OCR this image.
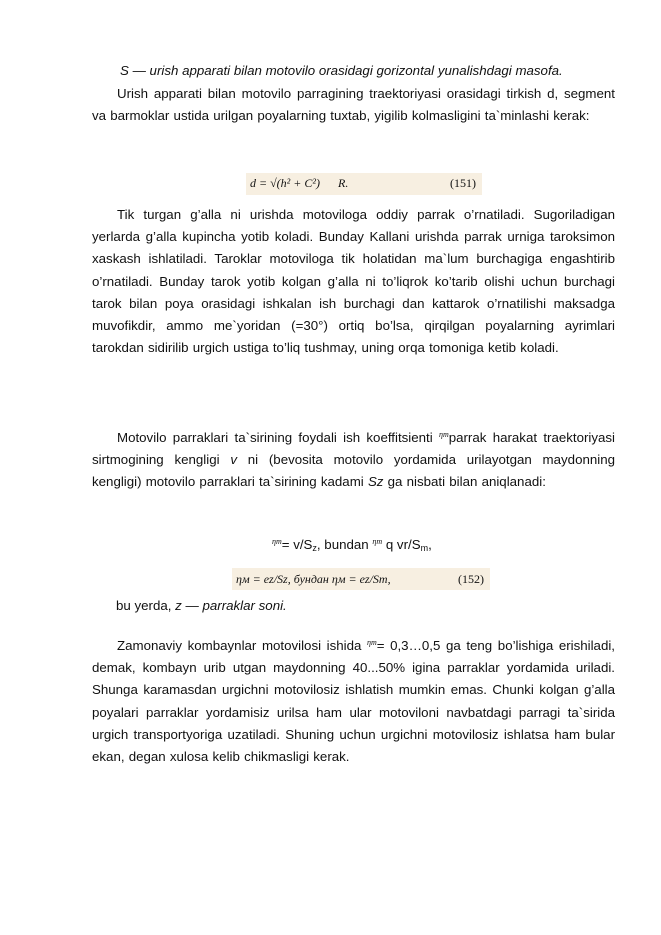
S — urish apparati bilan motovilo orasidagi gorizontal yunalishdagi masofa.

Urish apparati bilan motovilo parragining traektoriyasi orasidagi tirkish d, segment va barmoklar ustida urilgan poyalarning tuxtab, yigilib kolmasligini ta`minlashi kerak:

d = √(h² + C²) R.	(151)

Tik turgan g’alla ni urishda motoviloga oddiy parrak o’rnatiladi. Sugoriladigan yerlarda g’alla kupincha yotib koladi. Bunday Kallani urishda parrak urniga taroksimon xaskash ishlatiladi. Taroklar motoviloga tik holatidan ma`lum burchagiga engashtirib o’rnatiladi. Bunday tarok yotib kolgan g’alla ni to’liqrok ko’tarib olishi uchun burchagi tarok bilan poya orasidagi ishkalan ish burchagi dan kattarok o’rnatilishi maksadga muvofikdir, ammo me`yoridan (=30°) ortiq bo’lsa, qirqilgan poyalarning ayrimlari tarokdan sidirilib urgich ustiga to’liq tushmay, uning orqa tomoniga ketib koladi.

Motovilo parraklari ta`sirining foydali ish koeffitsienti $^{\eta m}$parrak harakat traektoriyasi sirtmogining kengligi v ni (bevosita motovilo yordamida urilayotgan maydonning kengligi) motovilo parraklari ta`sirining kadami Sz ga nisbati bilan aniqlanadi:

$^{\eta m}= v/S_z$, bundan $^{\eta m}$ q $vr/S_m$,
ηм = ez/Sz, бундан ηм = ez/Sm,	(152)
bu yerda, z — parraklar soni.

Zamonaviy kombaynlar motovilosi ishida $^{\eta m}$= 0,3…0,5 ga teng bo’lishiga erishiladi, demak, kombayn urib utgan maydonning 40...50% igina parraklar yordamida uriladi. Shunga karamasdan urgichni motovilosiz ishlatish mumkin emas. Chunki kolgan g’alla poyalari parraklar yordamisiz urilsa ham ular motoviloni navbatdagi parragi ta`sirida urgich transportyoriga uzatiladi. Shuning uchun urgichni motovilosiz ishlatsa ham bular ekan, degan xulosa kelib chikmasligi kerak.
